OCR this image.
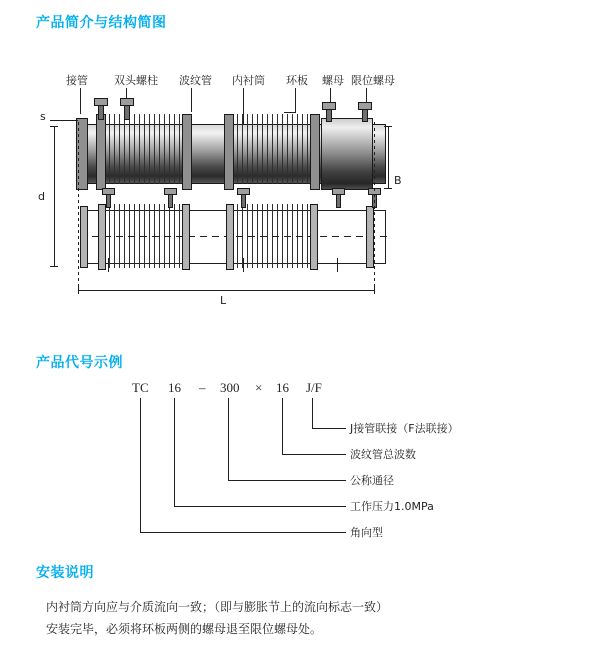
产品简介与结构简图
产品代号示例
安装说明
接管 双头螺柱 波纹管 内衬筒 环板 螺母 限位螺母
s
d
B
L
TC 16 – 300 × 16 J/F
J接管联接（F法联接）
波纹管总波数
公称通径
工作压力1.0MPa
角向型
内衬筒方向应与介质流向一致；（即与膨胀节上的流向标志一致）
安装完毕，必须将环板两侧的螺母退至限位螺母处。
